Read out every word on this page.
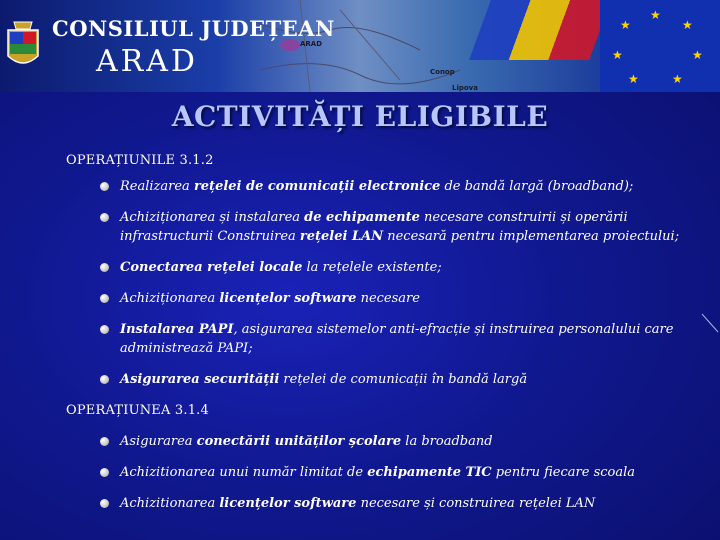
★
★
★
★	★
★	★
CONSILIUL JUDEȚEAN
ARAD	ARAD
Conop
Lipova
ACTIVITĂȚI ELIGIBILE
OPERAȚIUNILE 3.1.2
Realizarea rețelei de comunicații electronice de bandă largă (broadband);
Achiziționarea și instalarea de echipamente necesare construirii și operării infrastructurii Construirea rețelei LAN necesară pentru implementarea proiectului;
Conectarea rețelei locale la rețelele existente;
Achiziționarea licențelor software necesare
Instalarea PAPI, asigurarea sistemelor anti-efracție și instruirea personalului care administrează PAPI;
Asigurarea securității rețelei de comunicații în bandă largă
OPERAȚIUNEA 3.1.4
Asigurarea conectării unităților școlare la broadband
Achizitionarea unui număr limitat de echipamente TIC pentru fiecare scoala
Achizitionarea licențelor software necesare și construirea rețelei LAN
